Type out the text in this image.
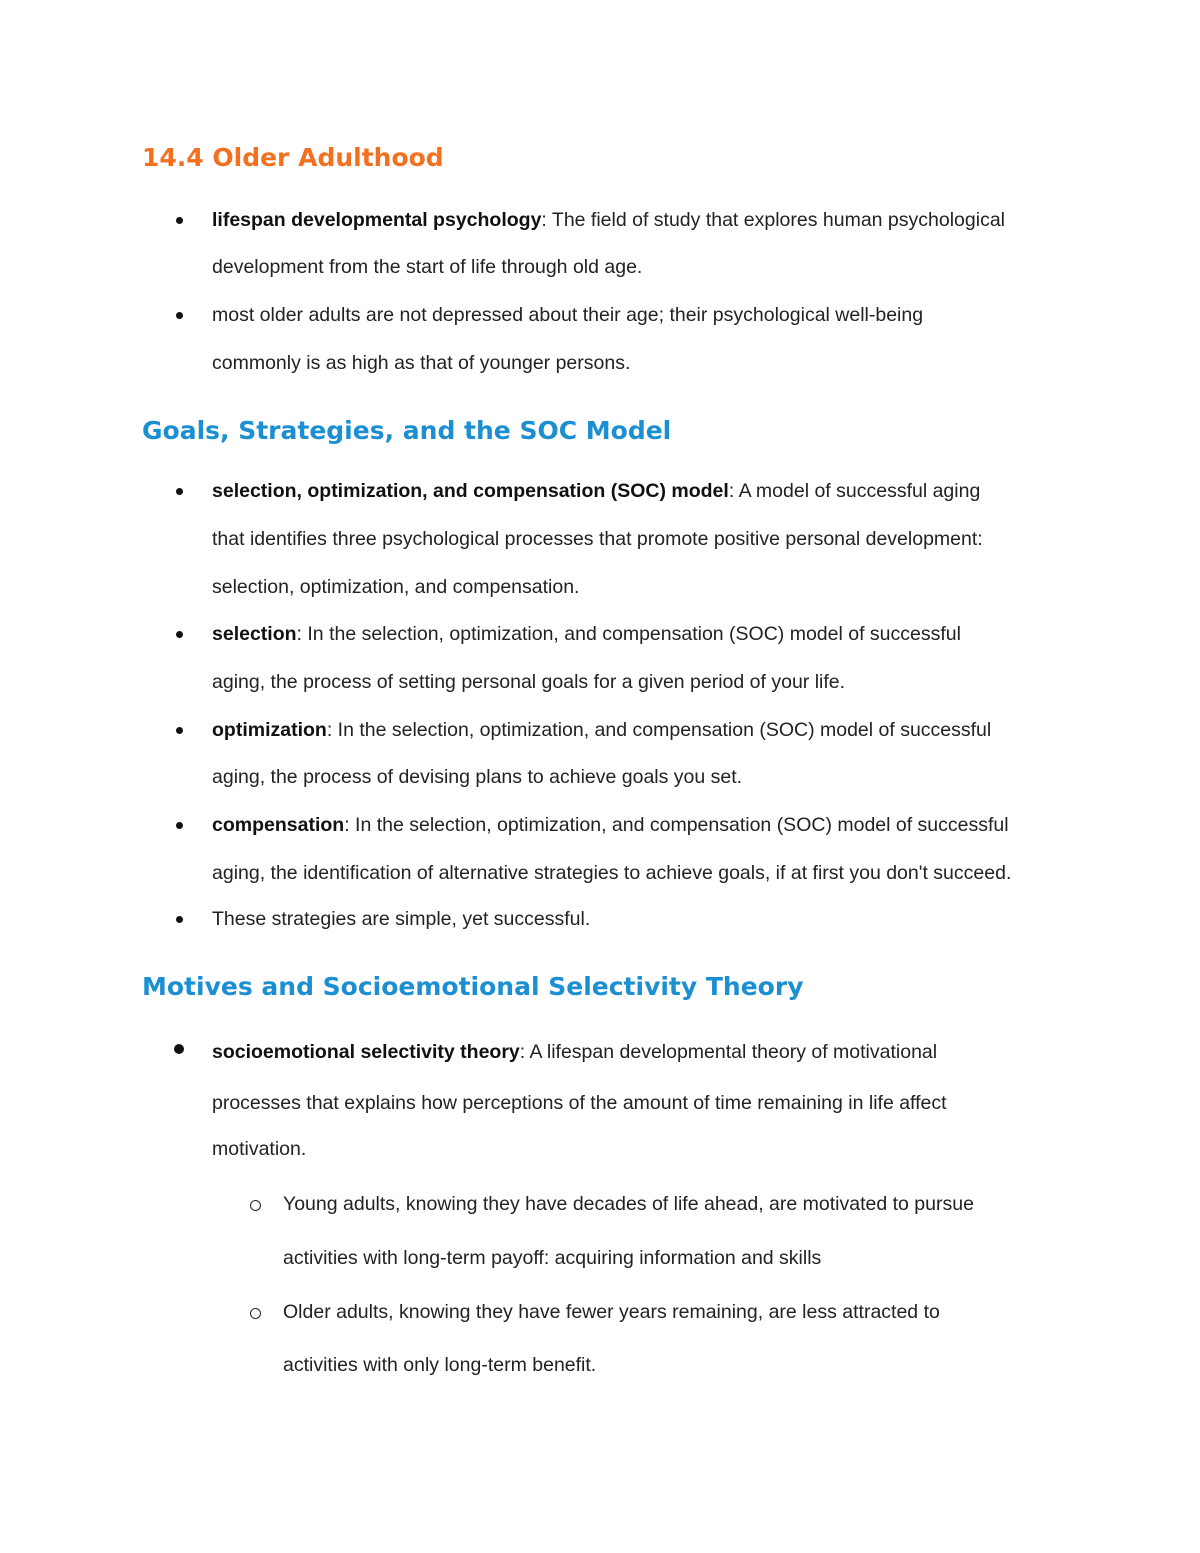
14.4 Older Adulthood

lifespan developmental psychology: The field of study that explores human psychological

development from the start of life through old age.

most older adults are not depressed about their age; their psychological well-being

commonly is as high as that of younger persons.

Goals, Strategies, and the SOC Model

selection, optimization, and compensation (SOC) model: A model of successful aging

that identifies three psychological processes that promote positive personal development:

selection, optimization, and compensation.

selection: In the selection, optimization, and compensation (SOC) model of successful

aging, the process of setting personal goals for a given period of your life.

optimization: In the selection, optimization, and compensation (SOC) model of successful

aging, the process of devising plans to achieve goals you set.

compensation: In the selection, optimization, and compensation (SOC) model of successful

aging, the identification of alternative strategies to achieve goals, if at first you don't succeed.

These strategies are simple, yet successful.

Motives and Socioemotional Selectivity Theory

socioemotional selectivity theory: A lifespan developmental theory of motivational

processes that explains how perceptions of the amount of time remaining in life affect

motivation.

Young adults, knowing they have decades of life ahead, are motivated to pursue

activities with long-term payoff: acquiring information and skills

Older adults, knowing they have fewer years remaining, are less attracted to

activities with only long-term benefit.
